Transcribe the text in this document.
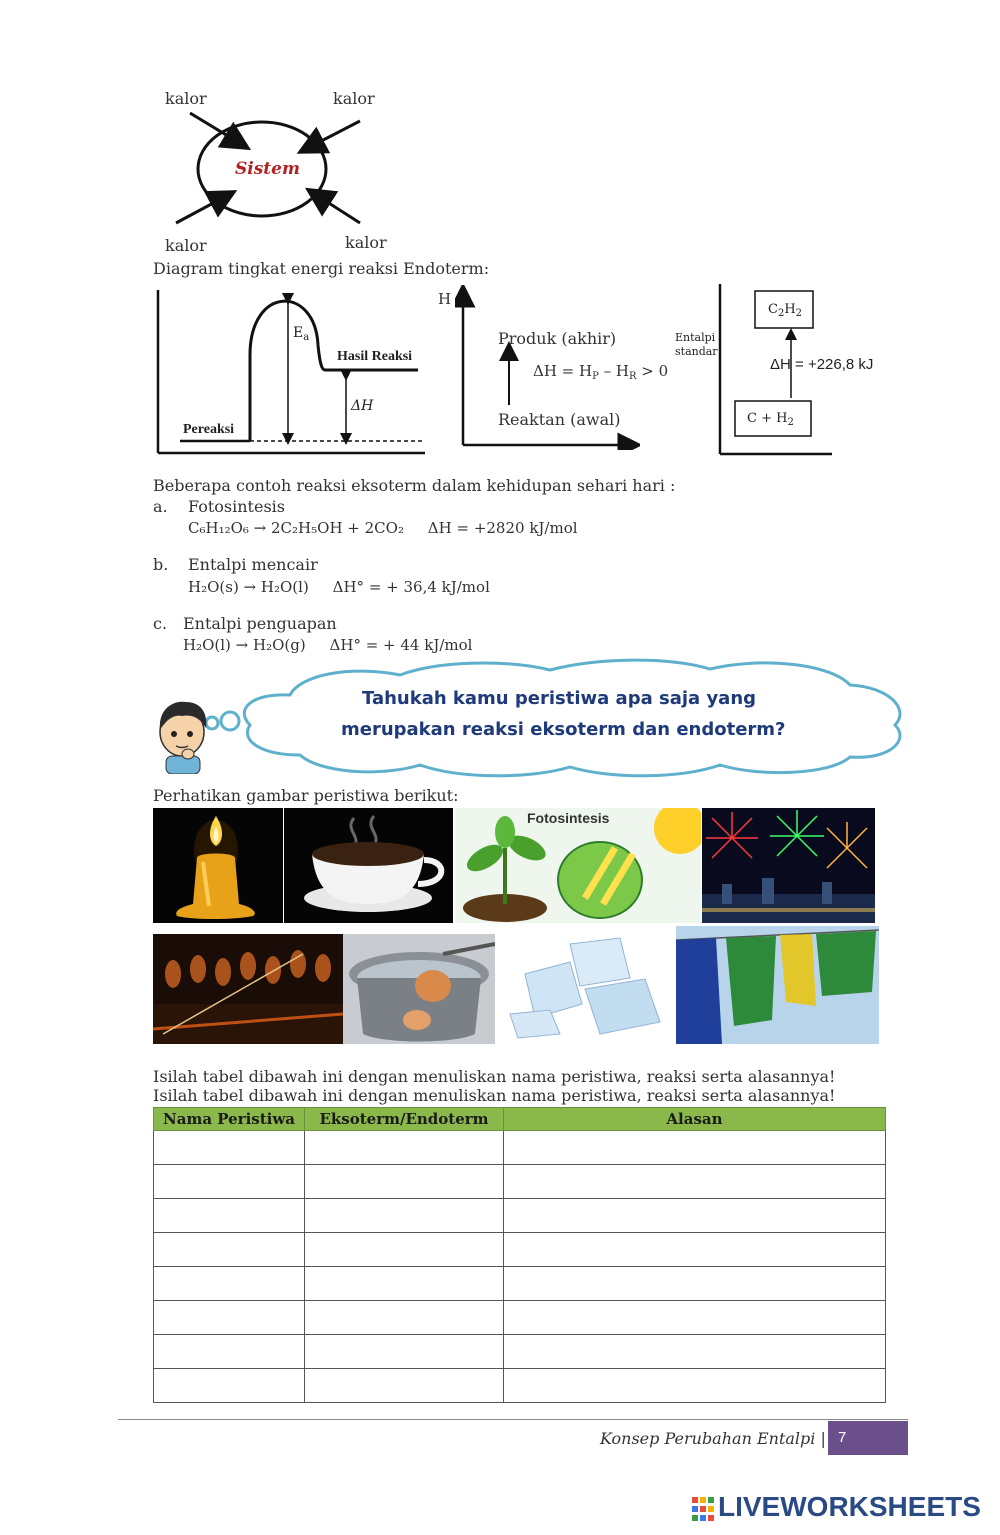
kalor	kalor
kalor	kalor
Sistem
Diagram tingkat energi reaksi Endoterm:
$E_a$
Hasil Reaksi
ΔH
Pereaksi
H
Produk (akhir)
$\Delta H = H_P - H_R > 0$
Reaktan (awal)
Entalpi
standar
$C_2H_2$
ΔH = +226,8 kJ
$C + H_2$
Beberapa contoh reaksi eksoterm dalam kehidupan sehari hari :
a. Fotosintesis
C₆H₁₂O₆ → 2C₂H₅OH + 2CO₂     ΔH = +2820 kJ/mol
b. Entalpi mencair
H₂O(s) → H₂O(l)     ΔH° = + 36,4 kJ/mol
c. Entalpi penguapan
H₂O(l) → H₂O(g)     ΔH° = + 44 kJ/mol
Tahukah kamu peristiwa apa saja yang
merupakan reaksi eksoterm dan endoterm?
Perhatikan gambar peristiwa berikut:
Fotosintesis
Isilah tabel dibawah ini dengan menuliskan nama peristiwa, reaksi serta alasannya!
Isilah tabel dibawah ini dengan menuliskan nama peristiwa, reaksi serta alasannya!
Nama Peristiwa	Eksoterm/Endoterm	Alasan

Konsep Perubahan Entalpi | 7
LIVEWORKSHEETS
